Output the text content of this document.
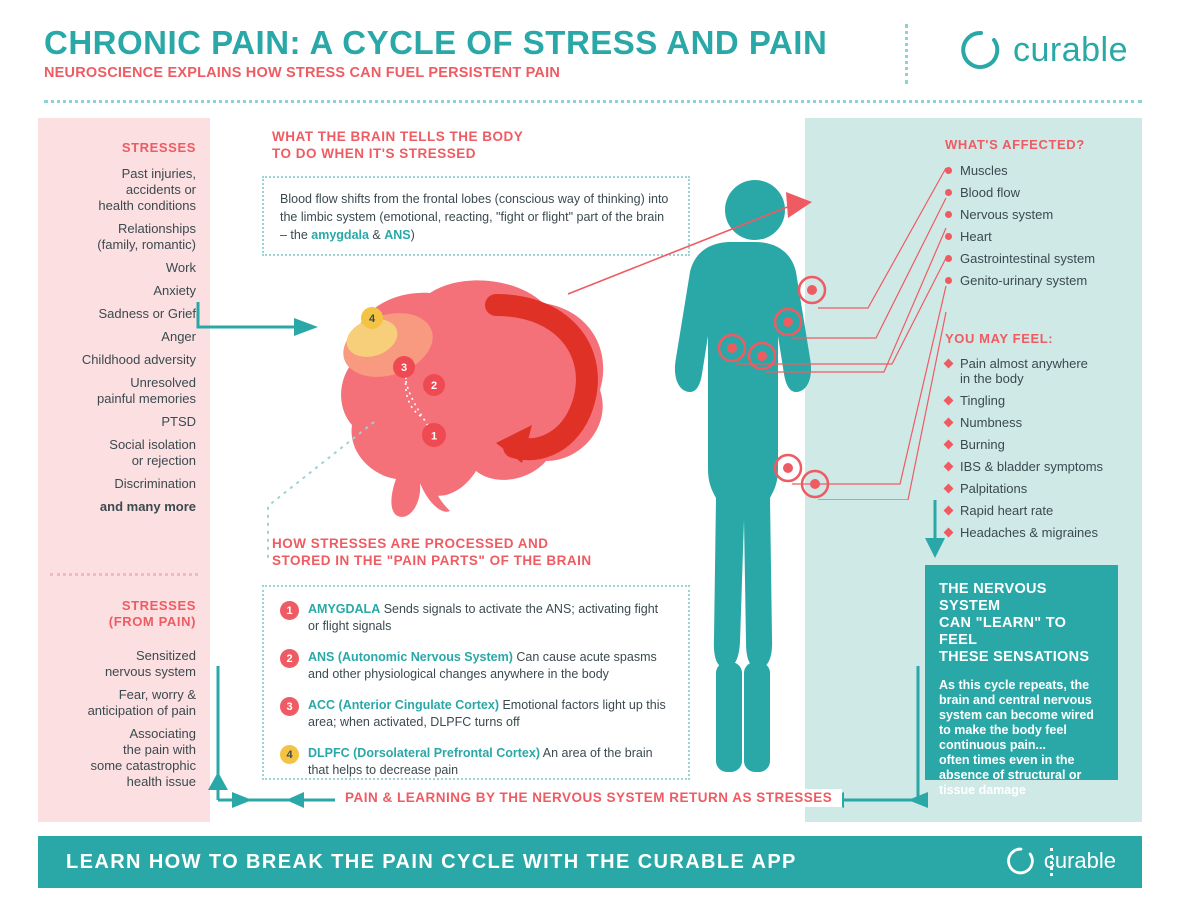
CHRONIC PAIN: A CYCLE OF STRESS AND PAIN
NEUROSCIENCE EXPLAINS HOW STRESS CAN FUEL PERSISTENT PAIN
curable
STRESSES
Past injuries,
accidents or
health conditions
Relationships
(family, romantic)
Work
Anxiety
Sadness or Grief
Anger
Childhood adversity
Unresolved
painful memories
PTSD
Social isolation
or rejection
Discrimination
and many more
STRESSES
(FROM PAIN)
Sensitized
nervous system
Fear, worry &
anticipation of pain
Associating
the pain with
some catastrophic
health issue
WHAT'S AFFECTED?
Muscles
Blood flow
Nervous system
Heart
Gastrointestinal system
Genito-urinary system
YOU MAY FEEL:
Pain almost anywhere
in the body
Tingling
Numbness
Burning
IBS & bladder symptoms
Palpitations
Rapid heart rate
Headaches & migraines
THE NERVOUS SYSTEM
CAN "LEARN" TO FEEL
THESE SENSATIONS
As this cycle repeats, the brain and central nervous system can become wired to make the body feel continuous pain...
often times even in the absence of structural or tissue damage
WHAT THE BRAIN TELLS THE BODY
TO DO WHEN IT'S STRESSED
Blood flow shifts from the frontal lobes (conscious way of thinking) into the limbic system (emotional, reacting, "fight or flight" part of the brain – the amygdala & ANS)
3
2
1
4
HOW STRESSES ARE PROCESSED AND
STORED IN THE "PAIN PARTS" OF THE BRAIN
1	AMYGDALA Sends signals to activate the ANS; activating fight or flight signals
2	ANS (Autonomic Nervous System) Can cause acute spasms and other physiological changes anywhere in the body
3	ACC (Anterior Cingulate Cortex) Emotional factors light up this area; when activated, DLPFC turns off
4	DLPFC (Dorsolateral Prefrontal Cortex) An area of the brain that helps to decrease pain
PAIN & LEARNING BY THE NERVOUS SYSTEM RETURN AS STRESSES
LEARN HOW TO BREAK THE PAIN CYCLE WITH THE CURABLE APP	curable
